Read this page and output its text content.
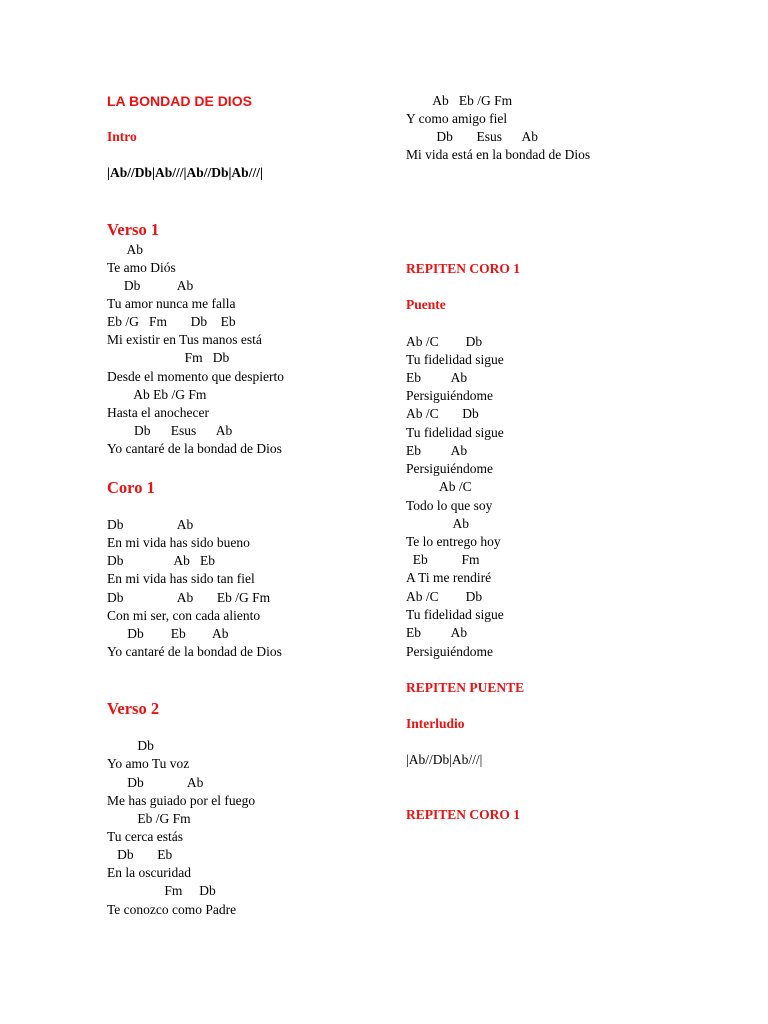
LA BONDAD DE DIOS
Intro
|Ab//Db|Ab///|Ab//Db|Ab///|
Verso 1
Ab
Te amo Diós
Db           Ab
Tu amor nunca me falla
Eb /G   Fm       Db    Eb
Mi existir en Tus manos está
Fm   Db
Desde el momento que despierto
Ab Eb /G Fm
Hasta el anochecer
Db      Esus      Ab
Yo cantaré de la bondad de Dios
Coro 1
Db                Ab
En mi vida has sido bueno
Db               Ab   Eb
En mi vida has sido tan fiel
Db                Ab       Eb /G Fm
Con mi ser, con cada aliento
Db        Eb        Ab
Yo cantaré de la bondad de Dios
Verso 2
Db
Yo amo Tu voz
Db             Ab
Me has guiado por el fuego
Eb /G Fm
Tu cerca estás
Db       Eb
En la oscuridad
Fm     Db
Te conozco como Padre
Ab   Eb /G Fm
Y como amigo fiel
Db       Esus      Ab
Mi vida está en la bondad de Dios
REPITEN CORO 1
Puente
Ab /C        Db
Tu fidelidad sigue
Eb         Ab
Persiguiéndome
Ab /C       Db
Tu fidelidad sigue
Eb         Ab
Persiguiéndome
Ab /C
Todo lo que soy
Ab
Te lo entrego hoy
Eb          Fm
A Ti me rendiré
Ab /C        Db
Tu fidelidad sigue
Eb         Ab
Persiguiéndome
REPITEN PUENTE
Interludio
|Ab//Db|Ab///|
REPITEN CORO 1
